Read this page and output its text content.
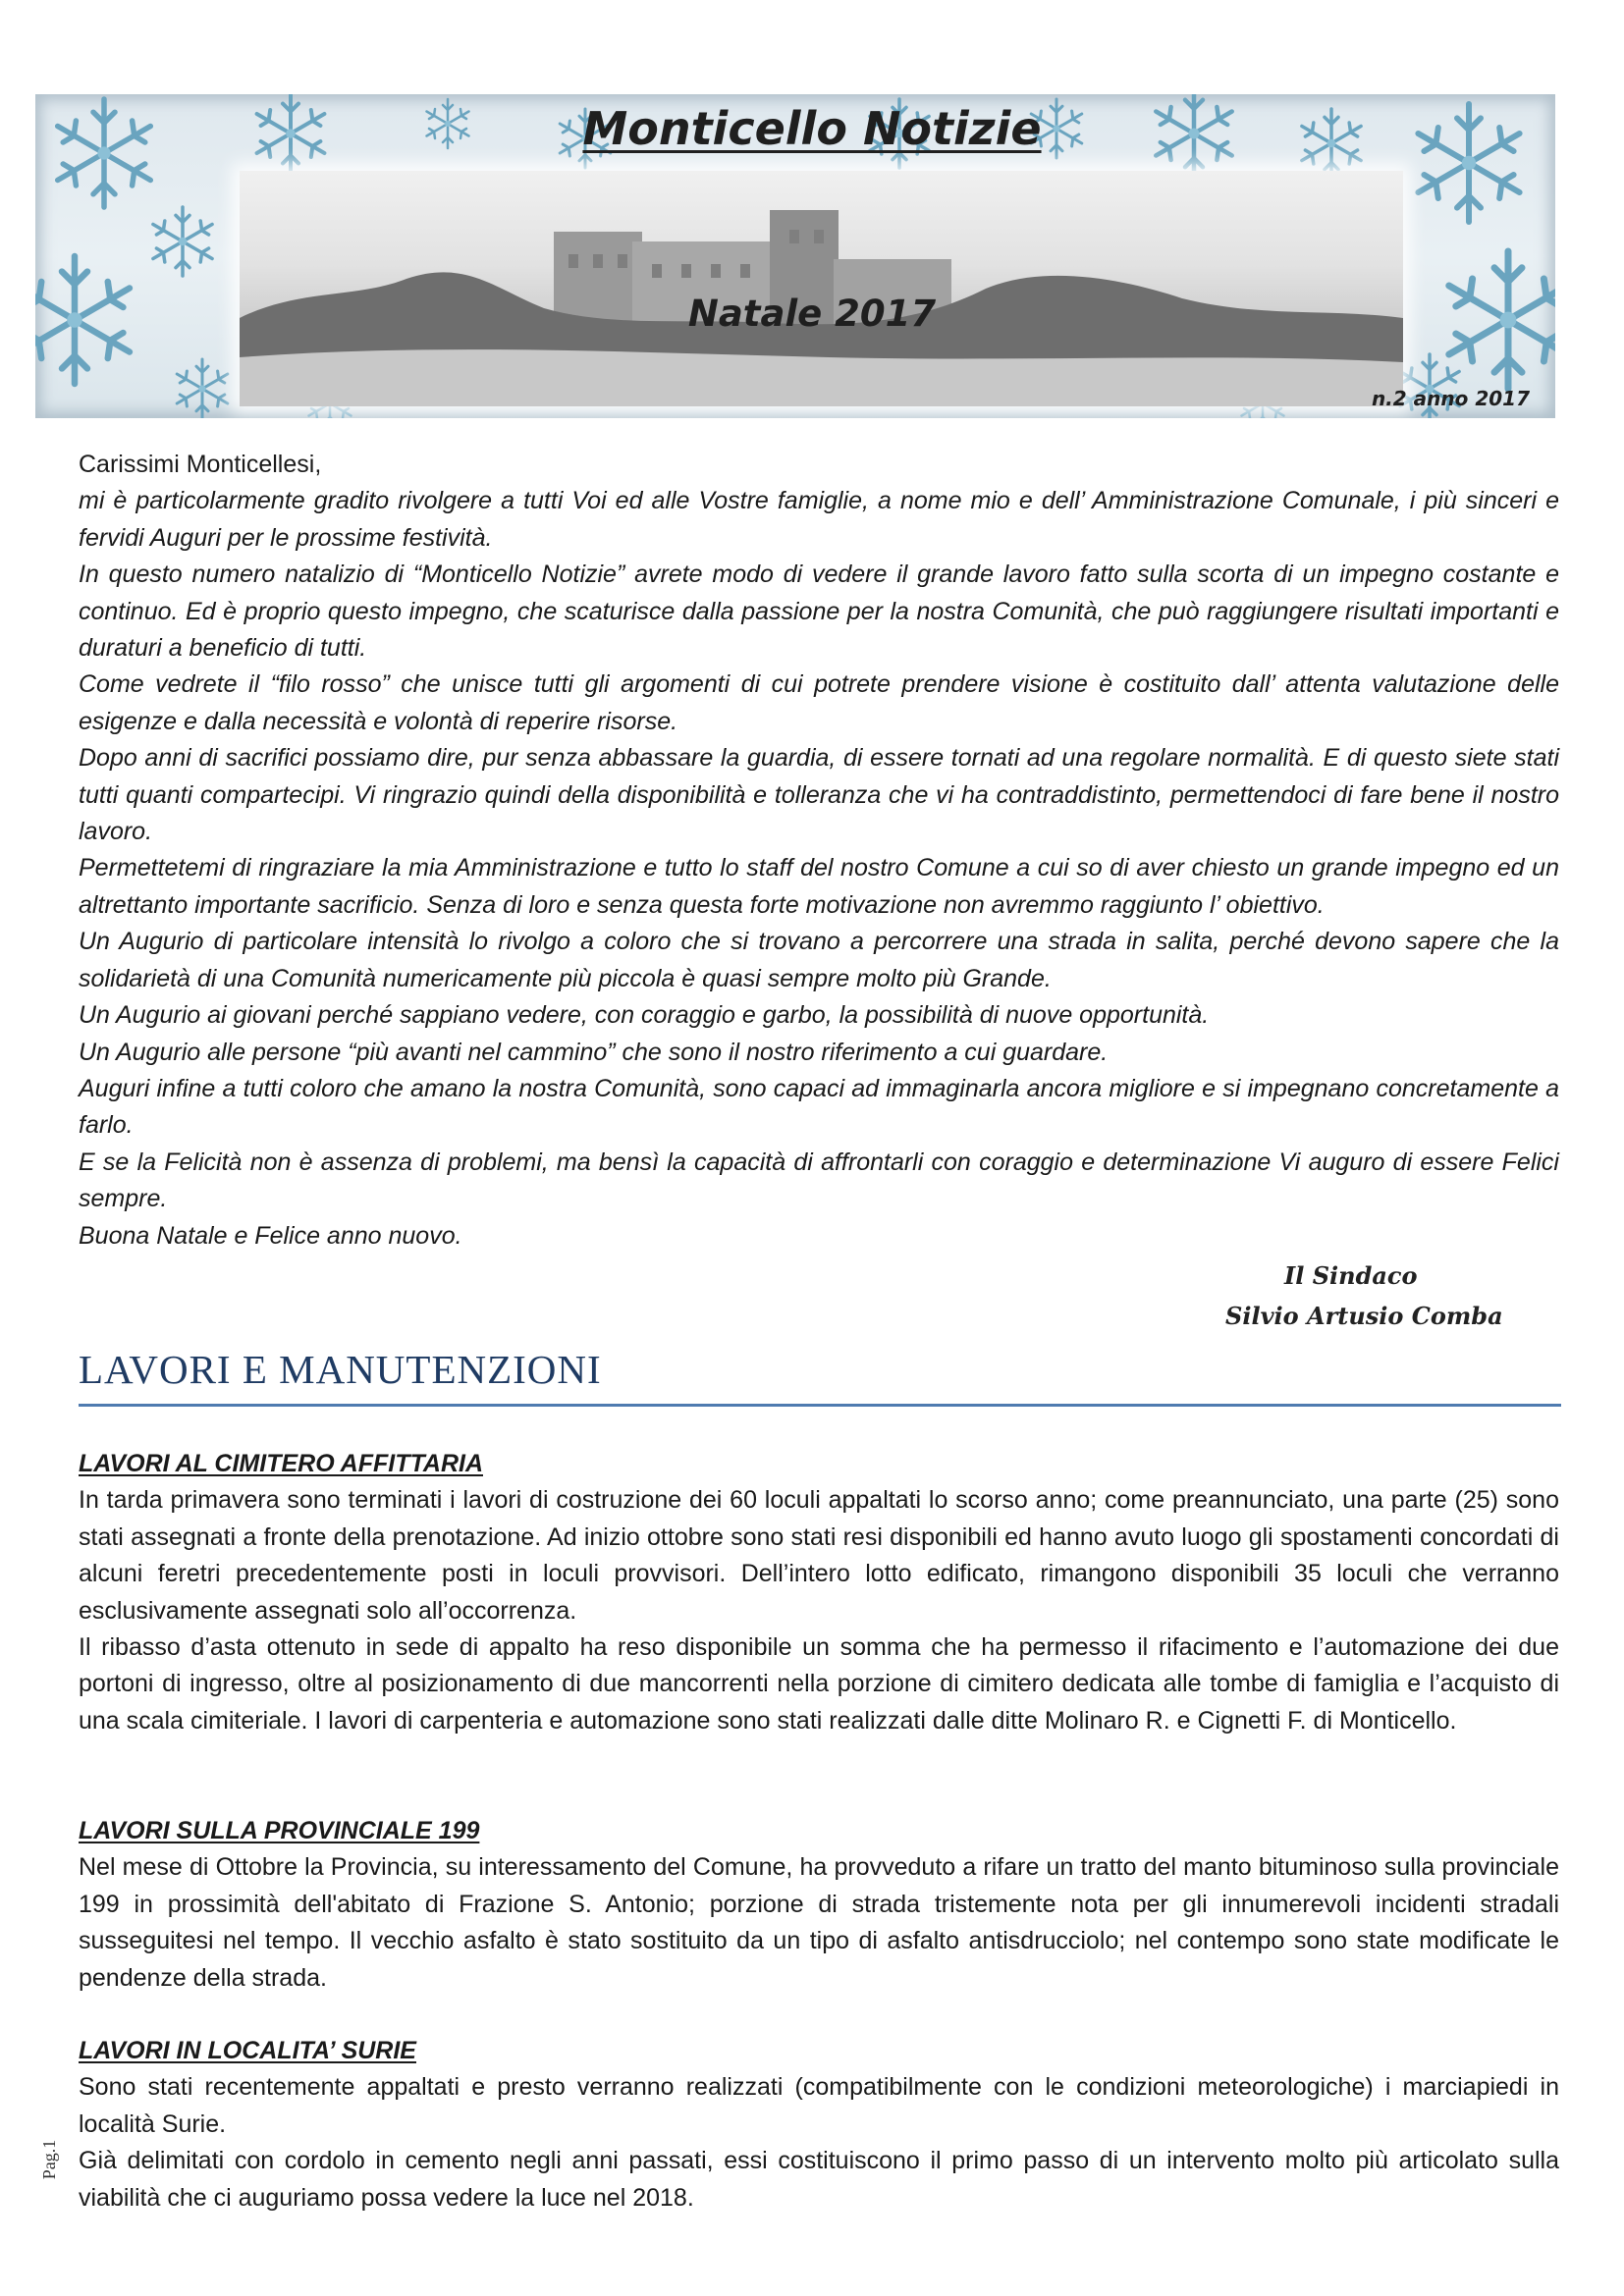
Monticello Notizie
Natale 2017
n.2 anno 2017

Carissimi Monticellesi,

mi è particolarmente gradito rivolgere a tutti Voi ed alle Vostre famiglie, a nome mio e dell’ Amministrazione Comunale, i più sinceri e fervidi Auguri per le prossime festività.

In questo numero natalizio di “Monticello Notizie” avrete modo di vedere il grande lavoro fatto sulla scorta di un impegno costante e continuo. Ed è proprio questo impegno, che scaturisce dalla passione per la nostra Comunità, che può raggiungere risultati importanti e duraturi a beneficio di tutti.

Come vedrete il “filo rosso” che unisce tutti gli argomenti di cui potrete prendere visione è costituito dall’ attenta valutazione delle esigenze e dalla necessità e volontà di reperire risorse.

Dopo anni di sacrifici possiamo dire, pur senza abbassare la guardia, di essere tornati ad una regolare normalità. E di questo siete stati tutti quanti compartecipi. Vi ringrazio quindi della disponibilità e tolleranza che vi ha contraddistinto, permettendoci di fare bene il nostro lavoro.

Permettetemi di ringraziare la mia Amministrazione e tutto lo staff del nostro Comune a cui so di aver chiesto un grande impegno ed un altrettanto importante sacrificio. Senza di loro e senza questa forte motivazione non avremmo raggiunto l’ obiettivo.

Un Augurio di particolare intensità lo rivolgo a coloro che si trovano a percorrere una strada in salita, perché devono sapere che la solidarietà di una Comunità numericamente più piccola è quasi sempre molto più Grande.

Un Augurio ai giovani perché sappiano vedere, con coraggio e garbo, la possibilità di nuove opportunità.

Un Augurio alle persone “più avanti nel cammino” che sono il nostro riferimento a cui guardare.

Auguri infine a tutti coloro che amano la nostra Comunità, sono capaci ad immaginarla ancora migliore e si impegnano concretamente a farlo.

E se la Felicità non è assenza di problemi, ma bensì la capacità di affrontarli con coraggio e determinazione Vi auguro di essere Felici sempre.

Buona Natale e Felice anno nuovo.

Il Sindaco
Silvio Artusio Comba
LAVORI E MANUTENZIONI
LAVORI AL CIMITERO AFFITTARIA

In tarda primavera sono terminati i lavori di costruzione dei 60 loculi appaltati lo scorso anno; come preannunciato, una parte (25) sono stati assegnati a fronte della prenotazione. Ad inizio ottobre sono stati resi disponibili ed hanno avuto luogo gli spostamenti concordati di alcuni feretri precedentemente posti in loculi provvisori. Dell’intero lotto edificato, rimangono disponibili 35 loculi che verranno esclusivamente assegnati solo all’occorrenza.

Il ribasso d’asta ottenuto in sede di appalto ha reso disponibile un somma che ha permesso il rifacimento e l’automazione dei due portoni di ingresso, oltre al posizionamento di due mancorrenti nella porzione di cimitero dedicata alle tombe di famiglia e l’acquisto di una scala cimiteriale. I lavori di carpenteria e automazione sono stati realizzati dalle ditte Molinaro R. e Cignetti F. di Monticello.

LAVORI SULLA PROVINCIALE 199

Nel mese di Ottobre la Provincia, su interessamento del Comune, ha provveduto a rifare un tratto del manto bituminoso sulla provinciale 199 in prossimità dell'abitato di Frazione S. Antonio; porzione di strada tristemente nota per gli innumerevoli incidenti stradali susseguitesi nel tempo. Il vecchio asfalto è stato sostituito da un tipo di asfalto antisdrucciolo; nel contempo sono state modificate le pendenze della strada.

LAVORI IN LOCALITA’ SURIE

Sono stati recentemente appaltati e presto verranno realizzati (compatibilmente con le condizioni meteorologiche) i marciapiedi in località Surie.

Già delimitati con cordolo in cemento negli anni passati, essi costituiscono il primo passo di un intervento molto più articolato sulla viabilità che ci auguriamo possa vedere la luce nel 2018.

Pag.1
